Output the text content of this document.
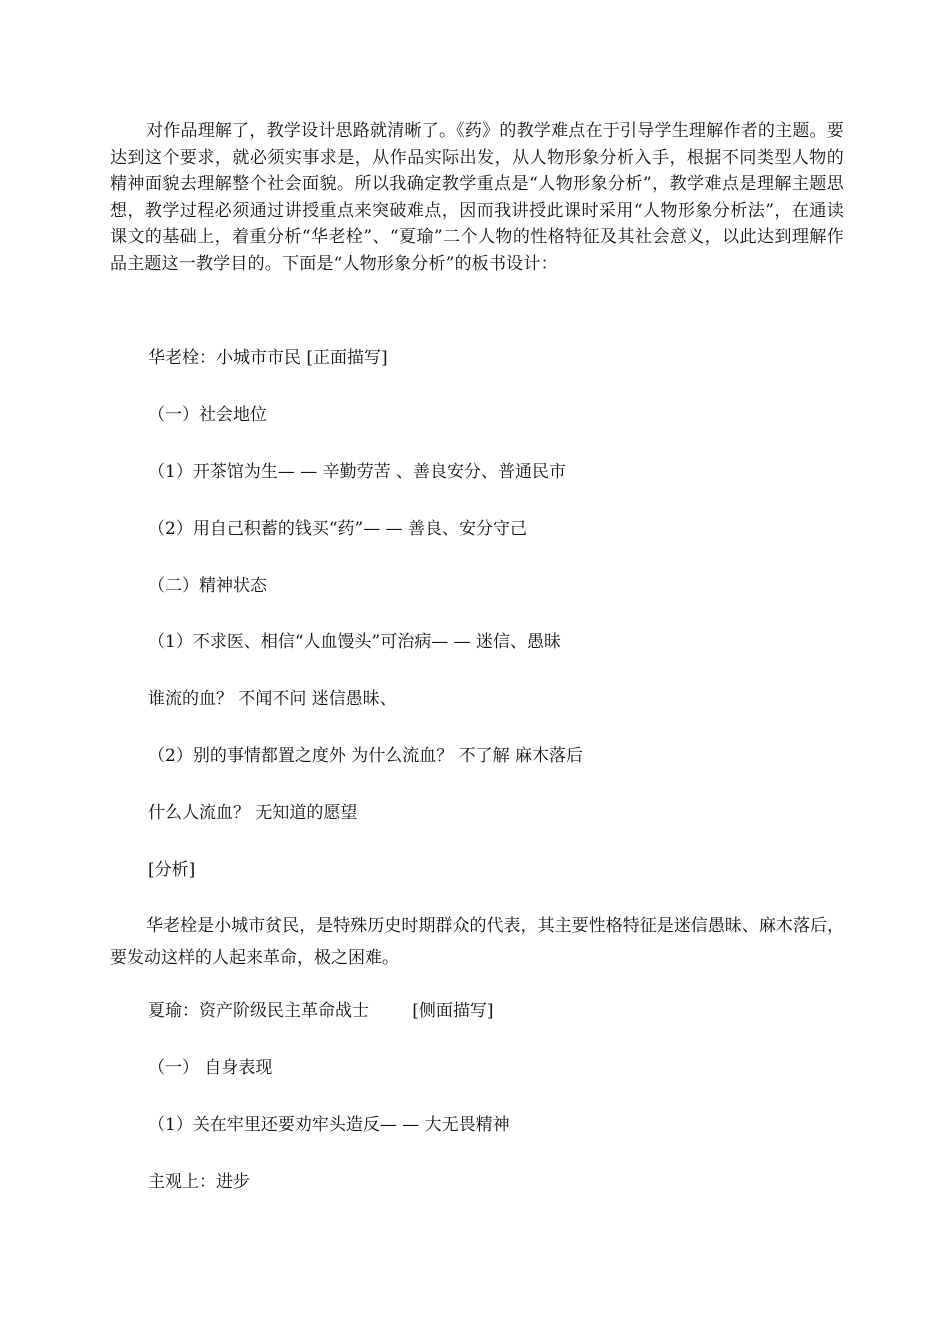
对作品理解了，教学设计思路就清晰了。《药》的教学难点在于引导学生理解作者的主题。要达到这个要求，就必须实事求是，从作品实际出发，从人物形象分析入手，根据不同类型人物的精神面貌去理解整个社会面貌。所以我确定教学重点是“人物形象分析”，教学难点是理解主题思想，教学过程必须通过讲授重点来突破难点，因而我讲授此课时采用“人物形象分析法”，在通读课文的基础上，着重分析“华老栓”、“夏瑜”二个人物的性格特征及其社会意义，以此达到理解作品主题这一教学目的。下面是“人物形象分析”的板书设计：

华老栓：小城市市民 [正面描写]

（一）社会地位

（1）开茶馆为生— — 辛勤劳苦 、善良安分、普通民市

（2）用自己积蓄的钱买“药”— — 善良、安分守己

（二）精神状态

（1）不求医、相信“人血馒头”可治病— — 迷信、愚昧

谁流的血？ 不闻不问 迷信愚昧、

（2）别的事情都置之度外 为什么流血？ 不了解 麻木落后

什么人流血？ 无知道的愿望

[分析]

华老栓是小城市贫民，是特殊历史时期群众的代表，其主要性格特征是迷信愚昧、麻木落后，要发动这样的人起来革命，极之困难。

夏瑜：资产阶级民主革命战士        [侧面描写]

（一） 自身表现

（1）关在牢里还要劝牢头造反— — 大无畏精神

主观上：进步
